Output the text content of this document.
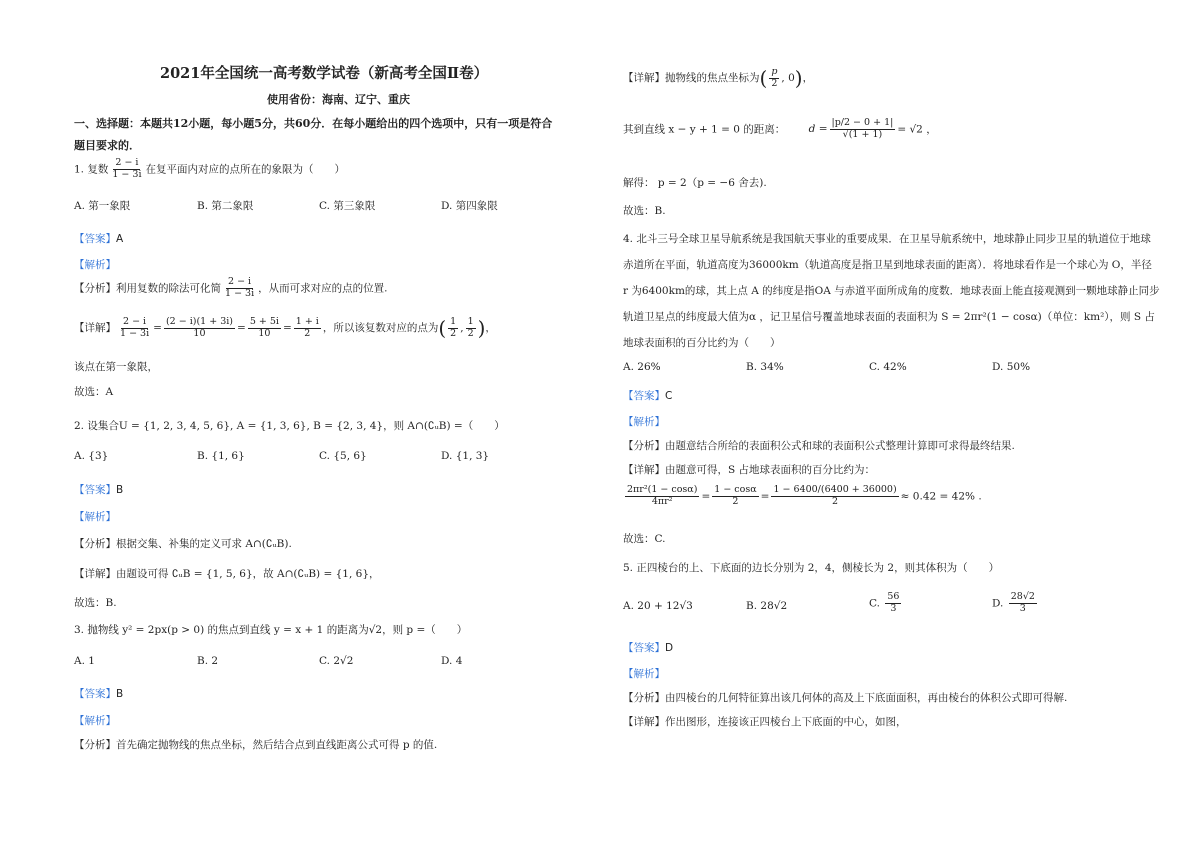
2021年全国统一高考数学试卷（新高考全国Ⅱ卷）
使用省份：海南、辽宁、重庆
一、选择题：本题共12小题，每小题5分，共60分．在每小题给出的四个选项中，只有一项是符合
题目要求的．
1. 复数 $\frac{2 - i}{1 - 3i}$ 在复平面内对应的点所在的象限为（　　）
A. 第一象限	B. 第二象限	C. 第三象限	D. 第四象限
【答案】A
【解析】
【分析】利用复数的除法可化简 $\frac{2 - i}{1 - 3i}$ ，从而可求对应的点的位置.
【详解】 $\frac{2 - i}{1 - 3i} = \frac{(2 - i)(1 + 3i)}{10} = \frac{5 + 5i}{10} = \frac{1 + i}{2}$ ，所以该复数对应的点为( $\frac{1}{2}$ , $\frac{1}{2}$ )，
该点在第一象限，
故选：A
2. 设集合U = {1, 2, 3, 4, 5, 6}, A = {1, 3, 6}, B = {2, 3, 4}，则 A∩(∁ᵤB) =（　　）
A. {3}	B. {1, 6}	C. {5, 6}	D. {1, 3}
【答案】B
【解析】
【分析】根据交集、补集的定义可求 A∩(∁ᵤB).
【详解】由题设可得 ∁ᵤB = {1, 5, 6}，故 A∩(∁ᵤB) = {1, 6}，
故选：B.
3. 抛物线 y² = 2px(p > 0) 的焦点到直线 y = x + 1 的距离为√2，则 p =（　　）
A. 1	B. 2	C. 2√2	D. 4
【答案】B
【解析】
【分析】首先确定抛物线的焦点坐标，然后结合点到直线距离公式可得 p 的值.
【详解】抛物线的焦点坐标为( $\frac{p}{2}$ , 0)，
其到直线 x − y + 1 = 0 的距离： $d = \frac{|p/2 - 0 + 1|}{√(1 + 1)} = √2$ ，
解得： p = 2（p = −6 舍去).
故选：B.
4. 北斗三号全球卫星导航系统是我国航天事业的重要成果．在卫星导航系统中，地球静止同步卫星的轨道位于地球
赤道所在平面，轨道高度为36000km（轨道高度是指卫星到地球表面的距离）．将地球看作是一个球心为 O，半径
r 为6400km的球，其上点 A 的纬度是指OA 与赤道平面所成角的度数．地球表面上能直接观测到一颗地球静止同步
轨道卫星点的纬度最大值为α ，记卫星信号覆盖地球表面的表面积为 S = 2πr²(1 − cosα)（单位：km²），则 S 占
地球表面积的百分比约为（　　）
A. 26%	B. 34%	C. 42%	D. 50%
【答案】C
【解析】
【分析】由题意结合所给的表面积公式和球的表面积公式整理计算即可求得最终结果.
【详解】由题意可得，S 占地球表面积的百分比约为：
$\frac{\text{2πr²(1 − cosα)}}{\text{4πr²}} = \frac{1 - \cos\alpha}{2} = \frac{1 - 6400/(6400 + 36000)}{2} \approx 0.42 = 42\%$ .
故选：C.
5. 正四棱台的上、下底面的边长分别为 2，4，侧棱长为 2，则其体积为（　　）
A. 20 + 12√3	B. 28√2	C. $\frac{56}{3}$	D. $\frac{28√2}{3}$
【答案】D
【解析】
【分析】由四棱台的几何特征算出该几何体的高及上下底面面积，再由棱台的体积公式即可得解.
【详解】作出图形，连接该正四棱台上下底面的中心，如图，
